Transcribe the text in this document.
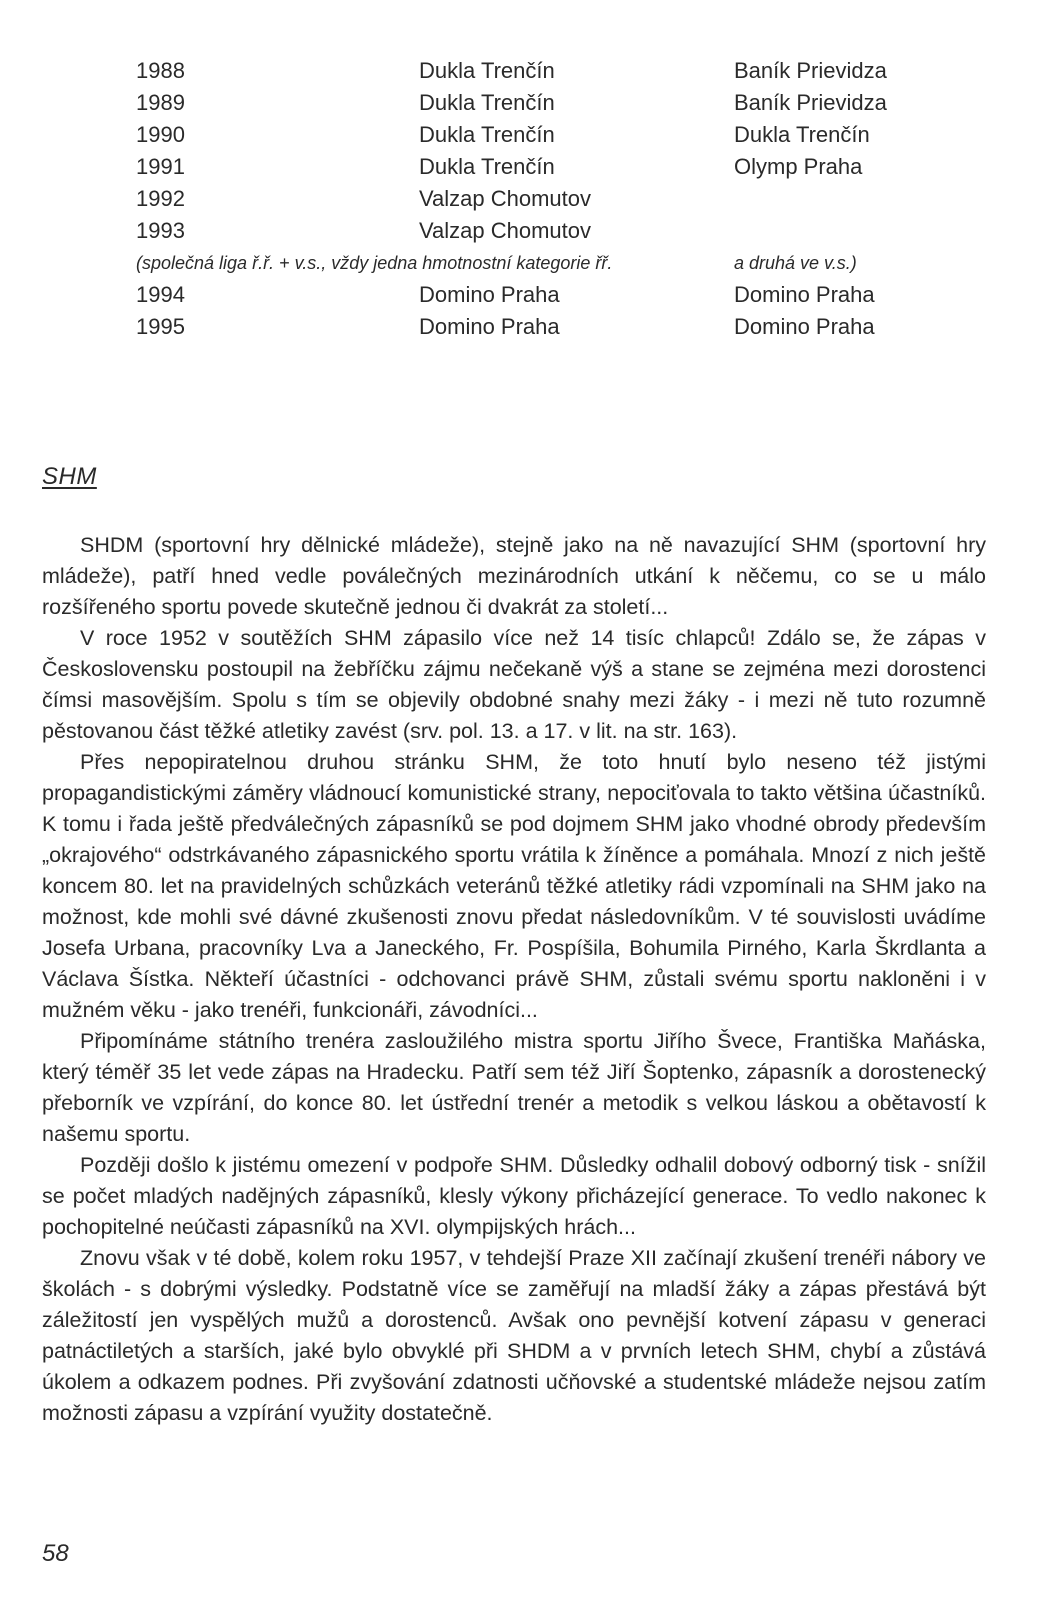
1988	Dukla Trenčín	Baník Prievidza
1989	Dukla Trenčín	Baník Prievidza
1990	Dukla Trenčín	Dukla Trenčín
1991	Dukla Trenčín	Olymp Praha
1992	Valzap Chomutov
1993	Valzap Chomutov
(společná liga ř.ř. + v.s., vždy jedna hmotnostní kategorie řř.	a druhá ve v.s.)
1994	Domino Praha	Domino Praha
1995	Domino Praha	Domino Praha
SHM

SHDM (sportovní hry dělnické mládeže), stejně jako na ně navazující SHM (sportovní hry mládeže), patří hned vedle poválečných mezinárodních utkání k něčemu, co se u málo rozšířeného sportu povede skutečně jednou či dvakrát za století...

V roce 1952 v soutěžích SHM zápasilo více než 14 tisíc chlapců! Zdálo se, že zápas v Československu postoupil na žebříčku zájmu nečekaně výš a stane se zejména mezi dorostenci čímsi masovějším. Spolu s tím se objevily obdobné snahy mezi žáky - i mezi ně tuto rozumně pěstovanou část těžké atletiky zavést (srv. pol. 13. a 17. v lit. na str. 163).

Přes nepopiratelnou druhou stránku SHM, že toto hnutí bylo neseno též jistými propagandistickými záměry vládnoucí komunistické strany, nepociťovala to takto většina účastníků. K tomu i řada ještě předválečných zápasníků se pod dojmem SHM jako vhodné obrody především „okrajového“ odstrkávaného zápasnického sportu vrátila k žíněnce a pomáhala. Mnozí z nich ještě koncem 80. let na pravidelných schůzkách veteránů těžké atletiky rádi vzpomínali na SHM jako na možnost, kde mohli své dávné zkušenosti znovu předat následovníkům. V té souvislosti uvádíme Josefa Urbana, pracovníky Lva a Janeckého, Fr. Pospíšila, Bohumila Pirného, Karla Škrdlanta a Václava Šístka. Někteří účastníci - odchovanci právě SHM, zůstali svému sportu nakloněni i v mužném věku - jako trenéři, funkcionáři, závodníci...

Připomínáme státního trenéra zasloužilého mistra sportu Jiřího Švece, Františka Maňáska, který téměř 35 let vede zápas na Hradecku. Patří sem též Jiří Šoptenko, zápasník a dorostenecký přeborník ve vzpírání, do konce 80. let ústřední trenér a metodik s velkou láskou a obětavostí k našemu sportu.

Později došlo k jistému omezení v podpoře SHM. Důsledky odhalil dobový odborný tisk - snížil se počet mladých nadějných zápasníků, klesly výkony přicházející generace. To vedlo nakonec k pochopitelné neúčasti zápasníků na XVI. olympijských hrách...

Znovu však v té době, kolem roku 1957, v tehdejší Praze XII začínají zkušení trenéři nábory ve školách - s dobrými výsledky. Podstatně více se zaměřují na mladší žáky a zápas přestává být záležitostí jen vyspělých mužů a dorostenců. Avšak ono pevnější kotvení zápasu v generaci patnáctiletých a starších, jaké bylo obvyklé při SHDM a v prvních letech SHM, chybí a zůstává úkolem a odkazem podnes. Při zvyšování zdatnosti učňovské a studentské mládeže nejsou zatím možnosti zápasu a vzpírání využity dostatečně.

58
